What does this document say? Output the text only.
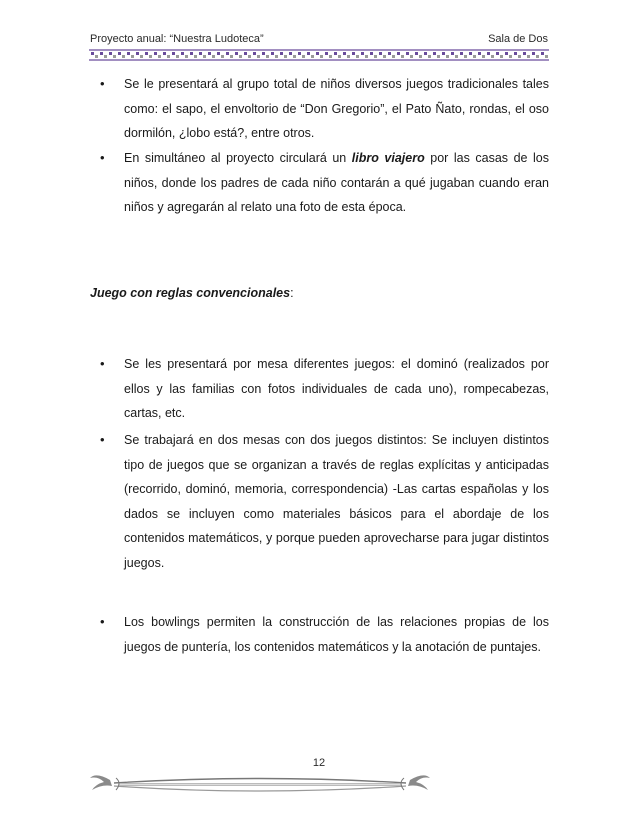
Proyecto anual: “Nuestra Ludoteca”	Sala de Dos
• Se le presentará al grupo total de niños diversos juegos tradicionales tales como: el sapo, el envoltorio de “Don Gregorio”, el Pato Ñato, rondas, el oso dormilón, ¿lobo está?, entre otros.

• En simultáneo al proyecto circulará un libro viajero por las casas de los niños, donde los padres de cada niño contarán a qué jugaban cuando eran niños y agregarán al relato una foto de esta época.

Juego con reglas convencionales:
• Se les presentará por mesa diferentes juegos: el dominó (realizados por ellos y las familias con fotos individuales de cada uno), rompecabezas, cartas, etc.

• Se trabajará en dos mesas con dos juegos distintos: Se incluyen distintos tipo de juegos que se organizan a través de reglas explícitas y anticipadas (recorrido, dominó, memoria, correspondencia) -Las cartas españolas y los dados se incluyen como materiales básicos para el abordaje de los contenidos matemáticos, y porque pueden aprovecharse para jugar distintos juegos.

• Los bowlings permiten la construcción de las relaciones propias de los juegos de puntería, los contenidos matemáticos y la anotación de puntajes.

12
